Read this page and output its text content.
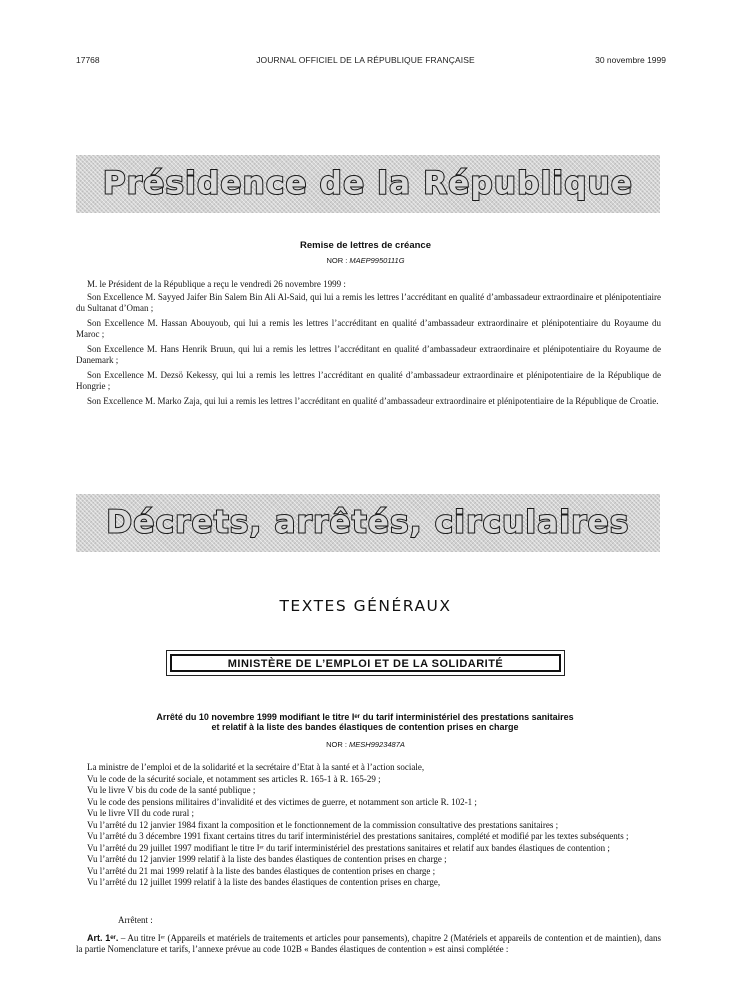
17768	JOURNAL OFFICIEL DE LA RÉPUBLIQUE FRANÇAISE	30 novembre 1999
Présidence de la République
Remise de lettres de créance
NOR : MAEP9950111G

M. le Président de la République a reçu le vendredi 26 novembre 1999 :

Son Excellence M. Sayyed Jaifer Bin Salem Bin Ali Al-Said, qui lui a remis les lettres l’accréditant en qualité d’ambassadeur extraordinaire et plénipotentiaire du Sultanat d’Oman ;

Son Excellence M. Hassan Abouyoub, qui lui a remis les lettres l’accréditant en qualité d’ambassadeur extraordinaire et plénipotentiaire du Royaume du Maroc ;

Son Excellence M. Hans Henrik Bruun, qui lui a remis les lettres l’accréditant en qualité d’ambassadeur extraordinaire et plénipotentiaire du Royaume de Danemark ;

Son Excellence M. Dezsö Kekessy, qui lui a remis les lettres l’accréditant en qualité d’ambassadeur extraordinaire et plénipotentiaire de la République de Hongrie ;

Son Excellence M. Marko Zaja, qui lui a remis les lettres l’accréditant en qualité d’ambassadeur extraordinaire et plénipotentiaire de la République de Croatie.

Décrets, arrêtés, circulaires
TEXTES GÉNÉRAUX
MINISTÈRE DE L’EMPLOI ET DE LA SOLIDARITÉ
Arrêté du 10 novembre 1999 modifiant le titre Iᵉʳ du tarif interministériel des prestations sanitaires
et relatif à la liste des bandes élastiques de contention prises en charge
NOR : MESH9923487A

La ministre de l’emploi et de la solidarité et la secrétaire d’Etat à la santé et à l’action sociale,

Vu le code de la sécurité sociale, et notamment ses articles R. 165-1 à R. 165-29 ;

Vu le livre V bis du code de la santé publique ;

Vu le code des pensions militaires d’invalidité et des victimes de guerre, et notamment son article R. 102-1 ;

Vu le livre VII du code rural ;

Vu l’arrêté du 12 janvier 1984 fixant la composition et le fonctionnement de la commission consultative des prestations sanitaires ;

Vu l’arrêté du 3 décembre 1991 fixant certains titres du tarif interministériel des prestations sanitaires, complété et modifié par les textes subséquents ;

Vu l’arrêté du 29 juillet 1997 modifiant le titre Iᵉʳ du tarif interministériel des prestations sanitaires et relatif aux bandes élastiques de contention ;

Vu l’arrêté du 12 janvier 1999 relatif à la liste des bandes élastiques de contention prises en charge ;

Vu l’arrêté du 21 mai 1999 relatif à la liste des bandes élastiques de contention prises en charge ;

Vu l’arrêté du 12 juillet 1999 relatif à la liste des bandes élastiques de contention prises en charge,

Arrêtent :

Art. 1ᵉʳ. – Au titre Iᵉʳ (Appareils et matériels de traitements et articles pour pansements), chapitre 2 (Matériels et appareils de contention et de maintien), dans la partie Nomenclature et tarifs, l’annexe prévue au code 102B « Bandes élastiques de contention » est ainsi complétée :
